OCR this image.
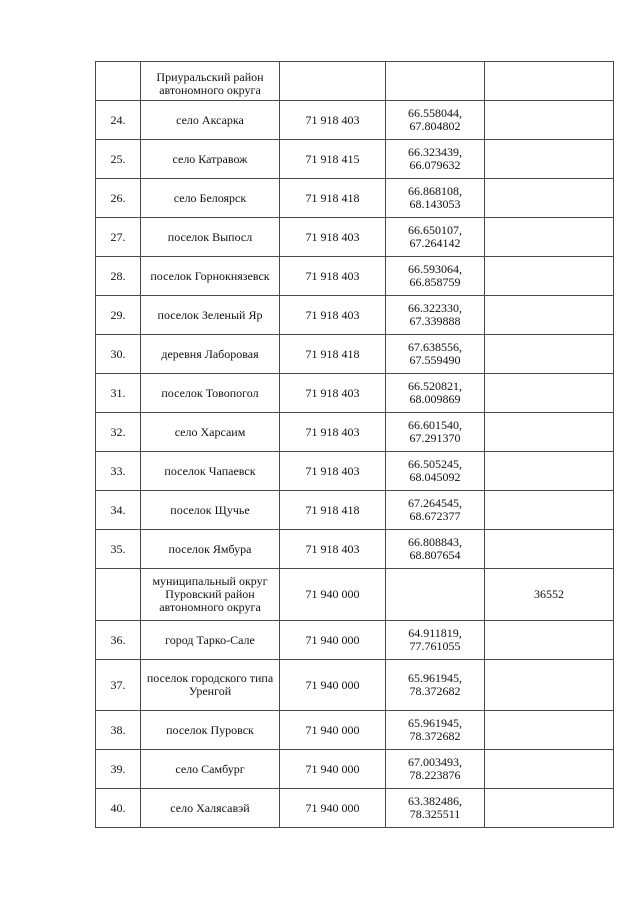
	Приуральский район автономного округа		

24.	село Аксарка	71 918 403	66.558044,
67.804802	

25.	село Катравож	71 918 415	66.323439,
66.079632	

26.	село Белоярск	71 918 418	66.868108,
68.143053	

27.	поселок Выпосл	71 918 403	66.650107,
67.264142	

28.	поселок Горнокнязевск	71 918 403	66.593064,
66.858759	

29.	поселок Зеленый Яр	71 918 403	66.322330,
67.339888	

30.	деревня Лаборовая	71 918 418	67.638556,
67.559490	

31.	поселок Товопогол	71 918 403	66.520821,
68.009869	

32.	село Харсаим	71 918 403	66.601540,
67.291370	

33.	поселок Чапаевск	71 918 403	66.505245,
68.045092	

34.	поселок Щучье	71 918 418	67.264545,
68.672377	

35.	поселок Ямбура	71 918 403	66.808843,
68.807654	

	муниципальный округ Пуровский район автономного округа	71 940 000		36552
36.	город Тарко-Сале	71 940 000	64.911819,
77.761055	

37.	поселок городского типа Уренгой	71 940 000	65.961945,
78.372682	

38.	поселок Пуровск	71 940 000	65.961945,
78.372682	

39.	село Самбург	71 940 000	67.003493,
78.223876	

40.	село Халясавэй	71 940 000	63.382486,
78.325511	
